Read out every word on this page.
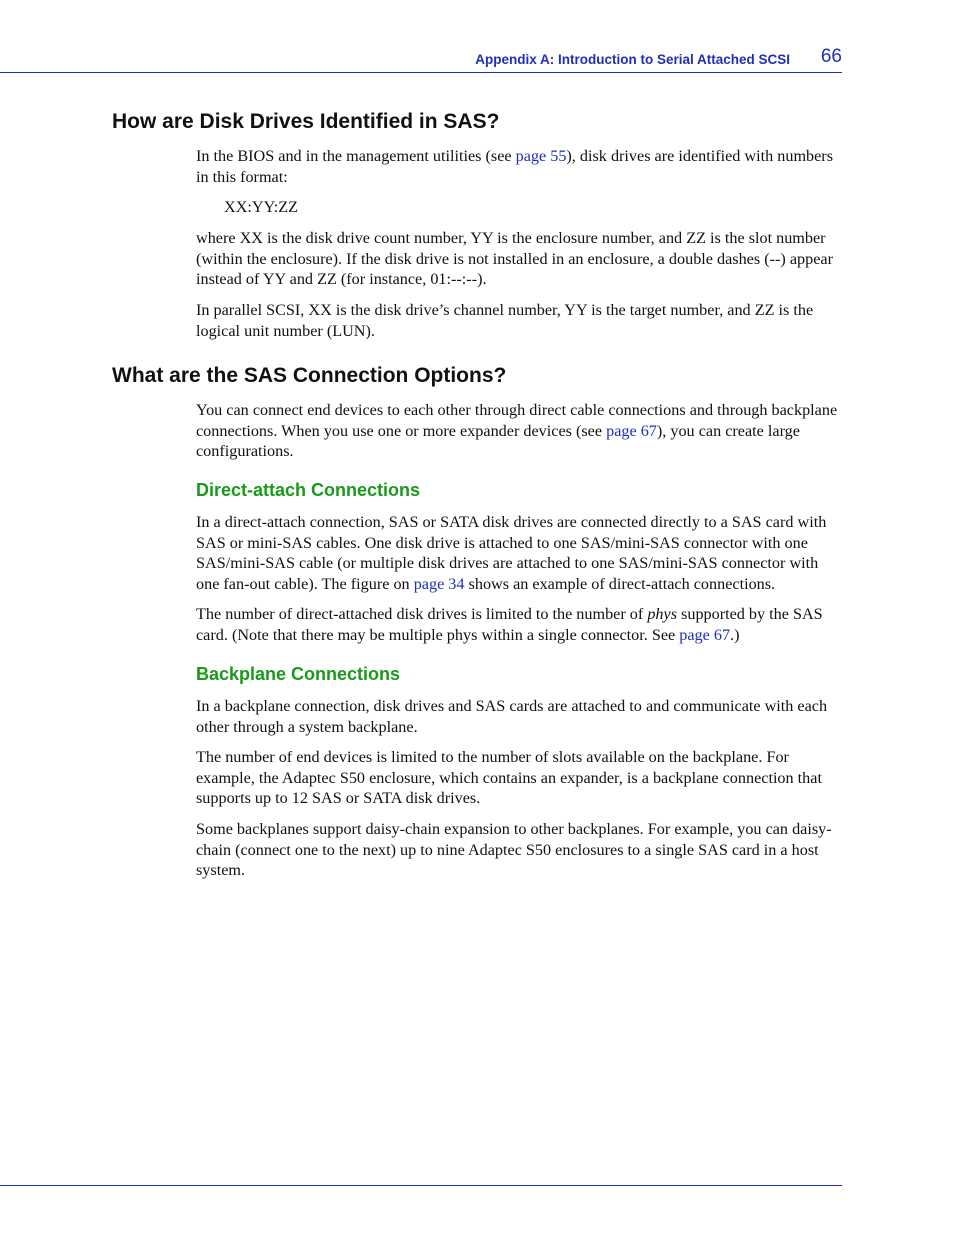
Appendix A: Introduction to Serial Attached SCSI 66
How are Disk Drives Identified in SAS?

In the BIOS and in the management utilities (see page 55), disk drives are identified with numbers in this format:

XX:YY:ZZ

where XX is the disk drive count number, YY is the enclosure number, and ZZ is the slot number (within the enclosure). If the disk drive is not installed in an enclosure, a double dashes (--) appear instead of YY and ZZ (for instance, 01:--:--).

In parallel SCSI, XX is the disk drive’s channel number, YY is the target number, and ZZ is the logical unit number (LUN).

What are the SAS Connection Options?

You can connect end devices to each other through direct cable connections and through backplane connections. When you use one or more expander devices (see page 67), you can create large configurations.

Direct-attach Connections

In a direct-attach connection, SAS or SATA disk drives are connected directly to a SAS card with SAS or mini-SAS cables. One disk drive is attached to one SAS/mini-SAS connector with one SAS/mini-SAS cable (or multiple disk drives are attached to one SAS/mini-SAS connector with one fan-out cable). The figure on page 34 shows an example of direct-attach connections.

The number of direct-attached disk drives is limited to the number of phys supported by the SAS card. (Note that there may be multiple phys within a single connector. See page 67.)

Backplane Connections

In a backplane connection, disk drives and SAS cards are attached to and communicate with each other through a system backplane.

The number of end devices is limited to the number of slots available on the backplane. For example, the Adaptec S50 enclosure, which contains an expander, is a backplane connection that supports up to 12 SAS or SATA disk drives.

Some backplanes support daisy-chain expansion to other backplanes. For example, you can daisy-chain (connect one to the next) up to nine Adaptec S50 enclosures to a single SAS card in a host system.
